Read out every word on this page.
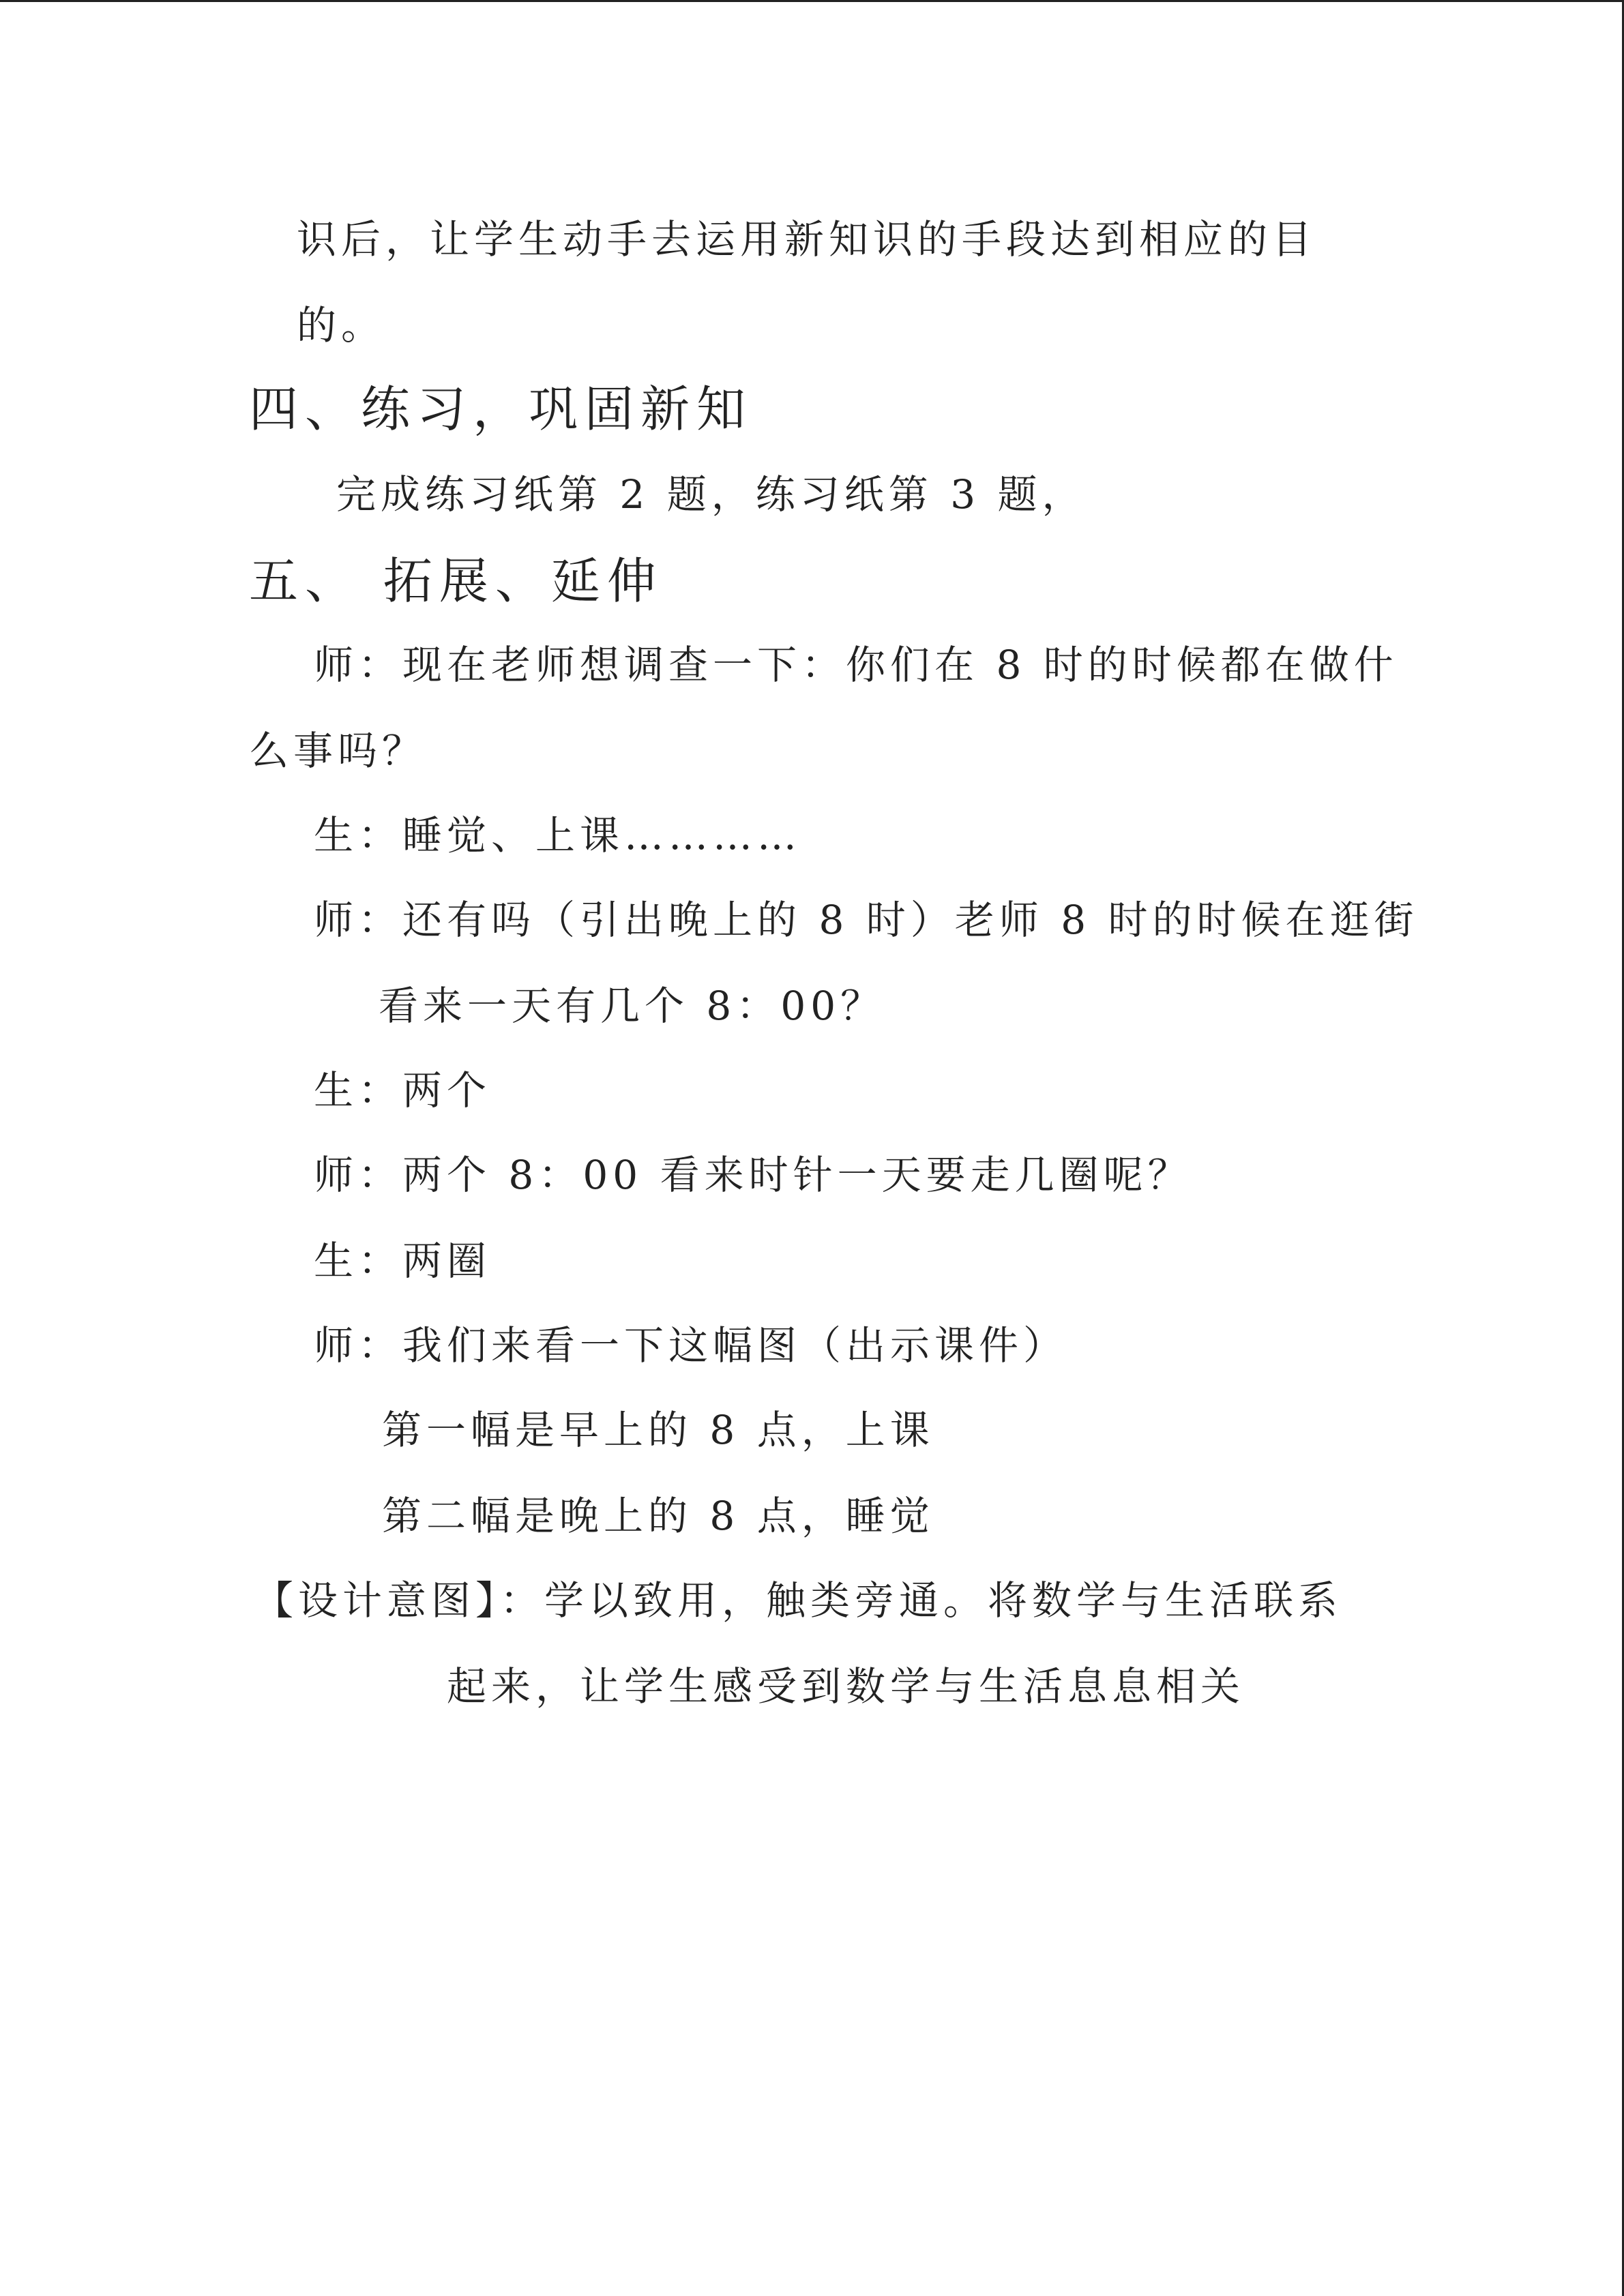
识后，让学生动手去运用新知识的手段达到相应的目
的。
四、练习，巩固新知
完成练习纸第 2 题，练习纸第 3 题，
五、 拓展、延伸
师：现在老师想调查一下：你们在 8 时的时候都在做什
么事吗？
生：睡觉、上课…………
师：还有吗（引出晚上的 8 时）老师 8 时的时候在逛街
看来一天有几个 8：00？
生：两个
师：两个 8：00 看来时针一天要走几圈呢？
生：两圈
师：我们来看一下这幅图（出示课件）
第一幅是早上的 8 点，上课
第二幅是晚上的 8 点，睡觉
【设计意图】：学以致用，触类旁通。将数学与生活联系
起来，让学生感受到数学与生活息息相关
